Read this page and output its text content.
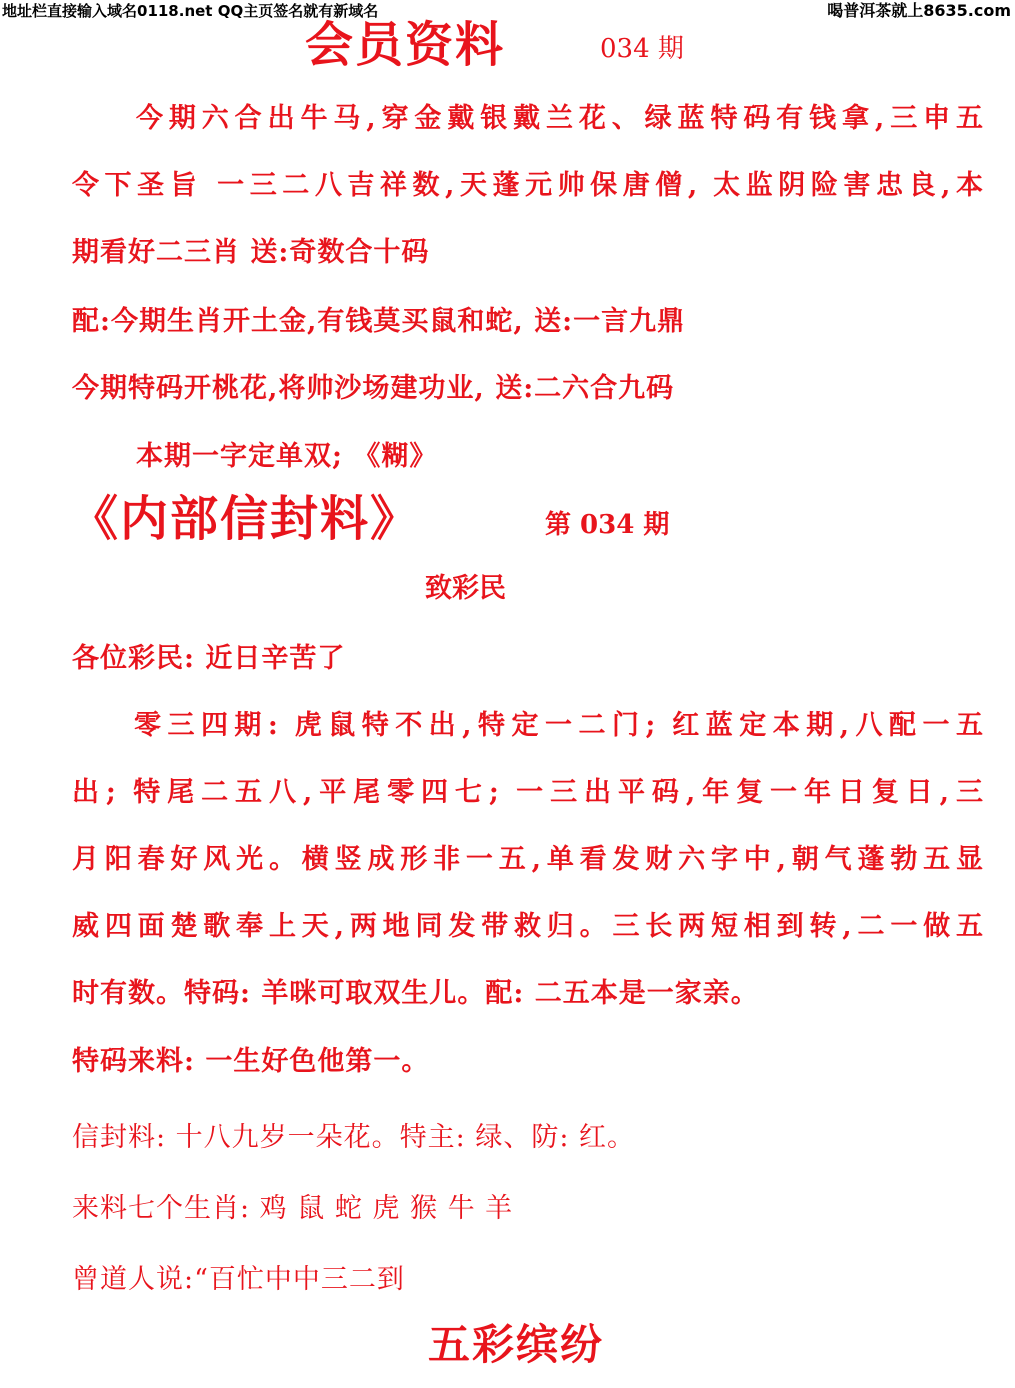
地址栏直接输入域名0118.net QQ主页签名就有新域名	喝普洱茶就上8635.com
会员资料	034 期
今期六合出牛马,穿金戴银戴兰花、绿蓝特码有钱拿,三申五
令下圣旨 一三二八吉祥数,天蓬元帅保唐僧, 太监阴险害忠良,本
期看好二三肖 送:奇数合十码
配:今期生肖开土金,有钱莫买鼠和蛇, 送:一言九鼎
今期特码开桃花,将帅沙场建功业, 送:二六合九码
本期一字定单双; 《糊》
《内部信封料》	第 034 期
致彩民
各位彩民: 近日辛苦了
零三四期: 虎鼠特不出,特定一二门; 红蓝定本期,八配一五
出; 特尾二五八,平尾零四七; 一三出平码,年复一年日复日,三
月阳春好风光。横竖成形非一五,单看发财六字中,朝气蓬勃五显
威四面楚歌奉上天,两地同发带救归。三长两短相到转,二一做五
时有数。特码: 羊咪可取双生儿。配: 二五本是一家亲。
特码来料: 一生好色他第一。
信封料: 十八九岁一朵花。特主: 绿、防: 红。
来料七个生肖: 鸡 鼠 蛇 虎 猴 牛 羊
曾道人说:“百忙中中三二到
五彩缤纷
